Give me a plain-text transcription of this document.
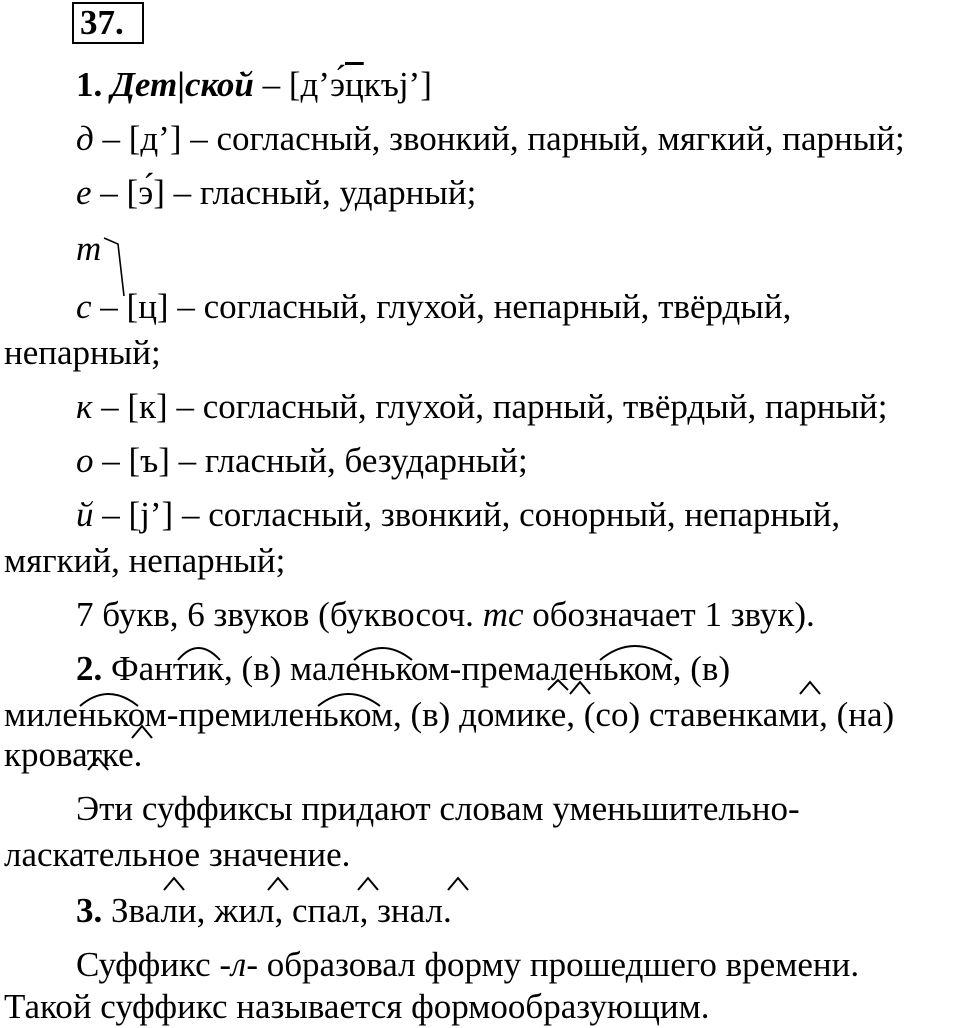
37.
1. Дет|ской – [д’э́цкъj’]
д – [д’] – согласный, звонкий, парный, мягкий, парный;
е – [э́] – гласный, ударный;
т
с – [ц] – согласный, глухой, непарный, твёрдый,
непарный;
к – [к] – согласный, глухой, парный, твёрдый, парный;
о – [ъ] – гласный, безударный;
й – [j’] – согласный, звонкий, сонорный, непарный,
мягкий, непарный;
7 букв, 6 звуков (буквосоч. тс обозначает 1 звук).
2. Фантик, (в) маленьком-премаленьком, (в)
миленьком-премиленьком, (в) домике, (со) ставенками, (на)
кроватке.
Эти суффиксы придают словам уменьшительно-
ласкательное значение.
3. Звали, жил, спал, знал.
Суффикс -л- образовал форму прошедшего времени.
Такой суффикс называется формообразующим.
